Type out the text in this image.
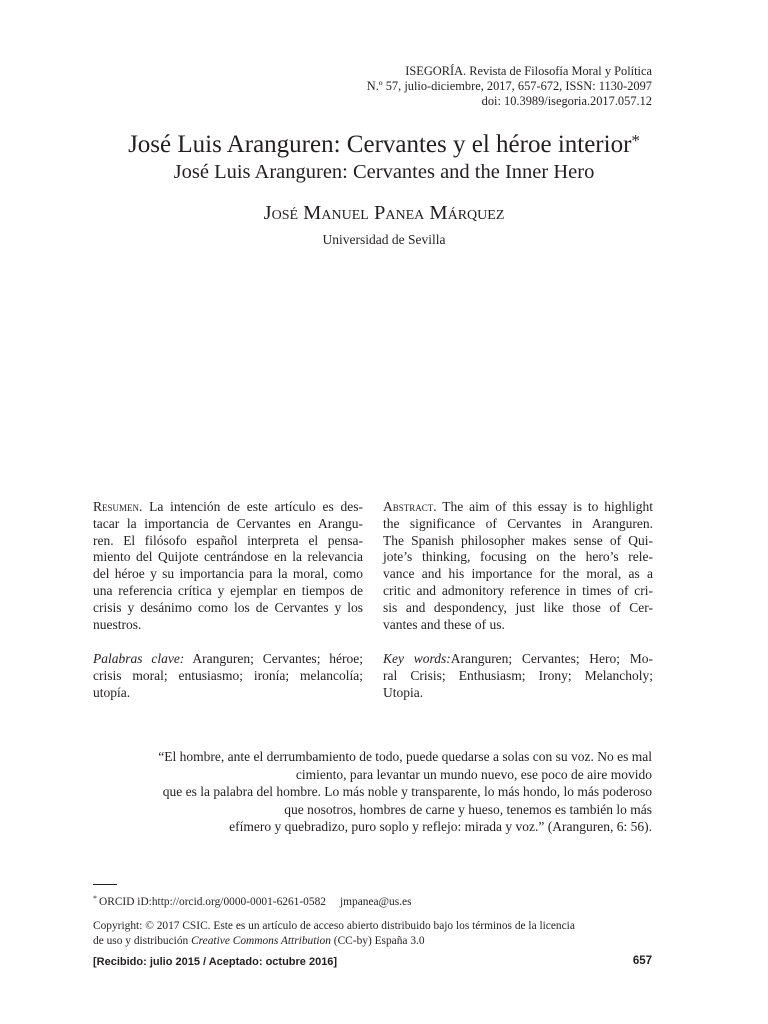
ISEGORÍA. Revista de Filosofía Moral y Política
N.º 57, julio-diciembre, 2017, 657-672, ISSN: 1130-2097
doi: 10.3989/isegoria.2017.057.12
José Luis Aranguren: Cervantes y el héroe interior*
José Luis Aranguren: Cervantes and the Inner Hero
José Manuel Panea Márquez
Universidad de Sevilla
Resumen. La intención de este artículo es des-
tacar la importancia de Cervantes en Arangu-
ren. El filósofo español interpreta el pensa-
miento del Quijote centrándose en la relevancia
del héroe y su importancia para la moral, como
una referencia crítica y ejemplar en tiempos de
crisis y desánimo como los de Cervantes y los
nuestros.
Palabras clave: Aranguren; Cervantes; héroe;
crisis moral; entusiasmo; ironía; melancolía;
utopía.
Abstract. The aim of this essay is to highlight
the significance of Cervantes in Aranguren.
The Spanish philosopher makes sense of Qui-
jote’s thinking, focusing on the hero’s rele-
vance and his importance for the moral, as a
critic and admonitory reference in times of cri-
sis and despondency, just like those of Cer-
vantes and these of us.
Key words:Aranguren; Cervantes; Hero; Mo-
ral Crisis; Enthusiasm; Irony; Melancholy;
Utopia.
“El hombre, ante el derrumbamiento de todo, puede quedarse a solas con su voz. No es mal
cimiento, para levantar un mundo nuevo, ese poco de aire movido
que es la palabra del hombre. Lo más noble y transparente, lo más hondo, lo más poderoso
que nosotros, hombres de carne y hueso, tenemos es también lo más
efímero y quebradizo, puro soplo y reflejo: mirada y voz.” (Aranguren, 6: 56).
* ORCID iD:http://orcid.org/0000-0001-6261-0582 jmpanea@us.es
Copyright: © 2017 CSIC. Este es un artículo de acceso abierto distribuido bajo los términos de la licencia
de uso y distribución Creative Commons Attribution (CC-by) España 3.0
[Recibido: julio 2015 / Aceptado: octubre 2016]	657
